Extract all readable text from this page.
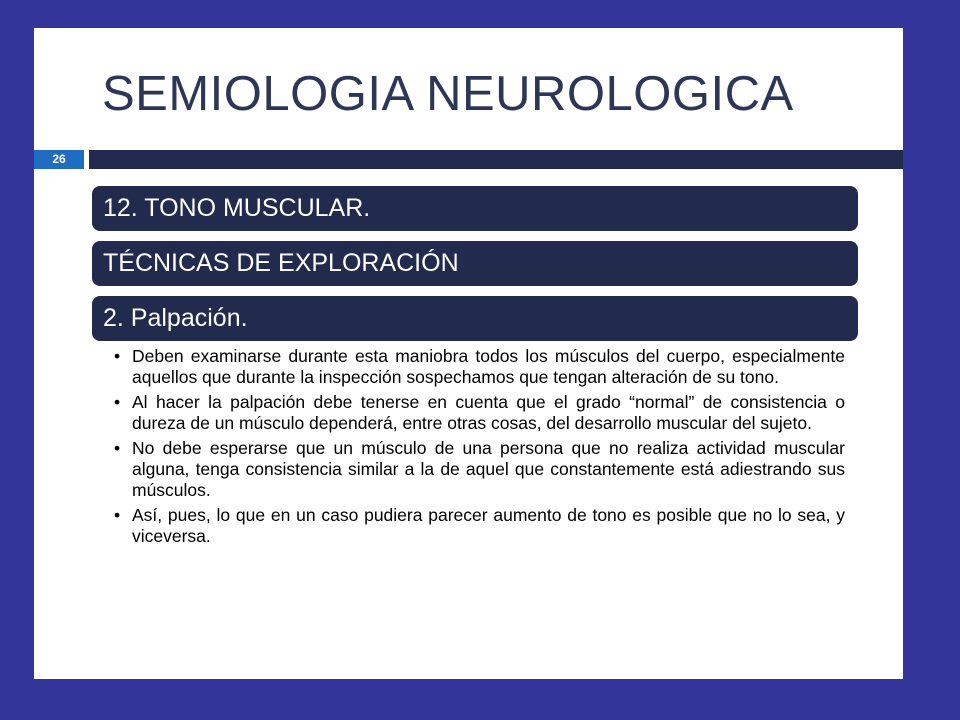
SEMIOLOGIA NEUROLOGICA
26
12. TONO MUSCULAR.
TÉCNICAS DE EXPLORACIÓN
2. Palpación.
• Deben examinarse durante esta maniobra todos los músculos del cuerpo, especialmente aquellos que durante la inspección sospechamos que tengan alteración de su tono.
• Al hacer la palpación debe tenerse en cuenta que el grado “normal” de consistencia o dureza de un músculo dependerá, entre otras cosas, del desarrollo muscular del sujeto.
• No debe esperarse que un músculo de una persona que no realiza actividad muscular alguna, tenga consistencia similar a la de aquel que constantemente está adiestrando sus músculos.
• Así, pues, lo que en un caso pudiera parecer aumento de tono es posible que no lo sea, y viceversa.
